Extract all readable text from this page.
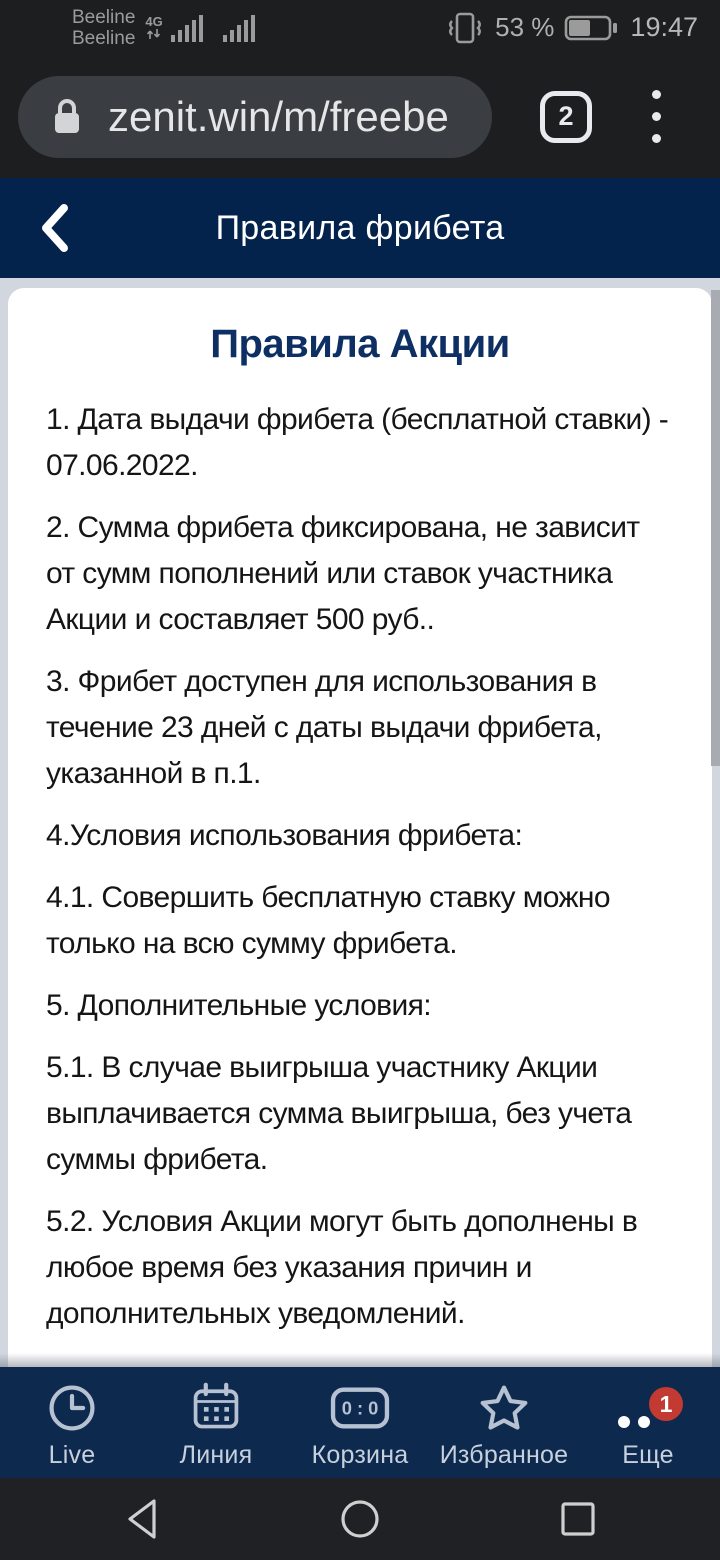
Beeline
Beeline
4G	53 %	19:47
zenit.win/m/freebe	2
Правила фрибета
Правила Акции

1. Дата выдачи фрибета (бесплатной ставки) - 07.06.2022.

2. Сумма фрибета фиксирована, не зависит от сумм пополнений или ставок участника Акции и составляет 500 руб..

3. Фрибет доступен для использования в течение 23 дней с даты выдачи фрибета, указанной в п.1.

4.Условия использования фрибета:

4.1. Совершить бесплатную ставку можно только на всю сумму фрибета.

5. Дополнительные условия:

5.1. В случае выигрыша участнику Акции выплачивается сумма выигрыша, без учета суммы фрибета.

5.2. Условия Акции могут быть дополнены в любое время без указания причин и дополнительных уведомлений.

Live	Линия
0 : 0
Корзина Избранное
1
Еще
